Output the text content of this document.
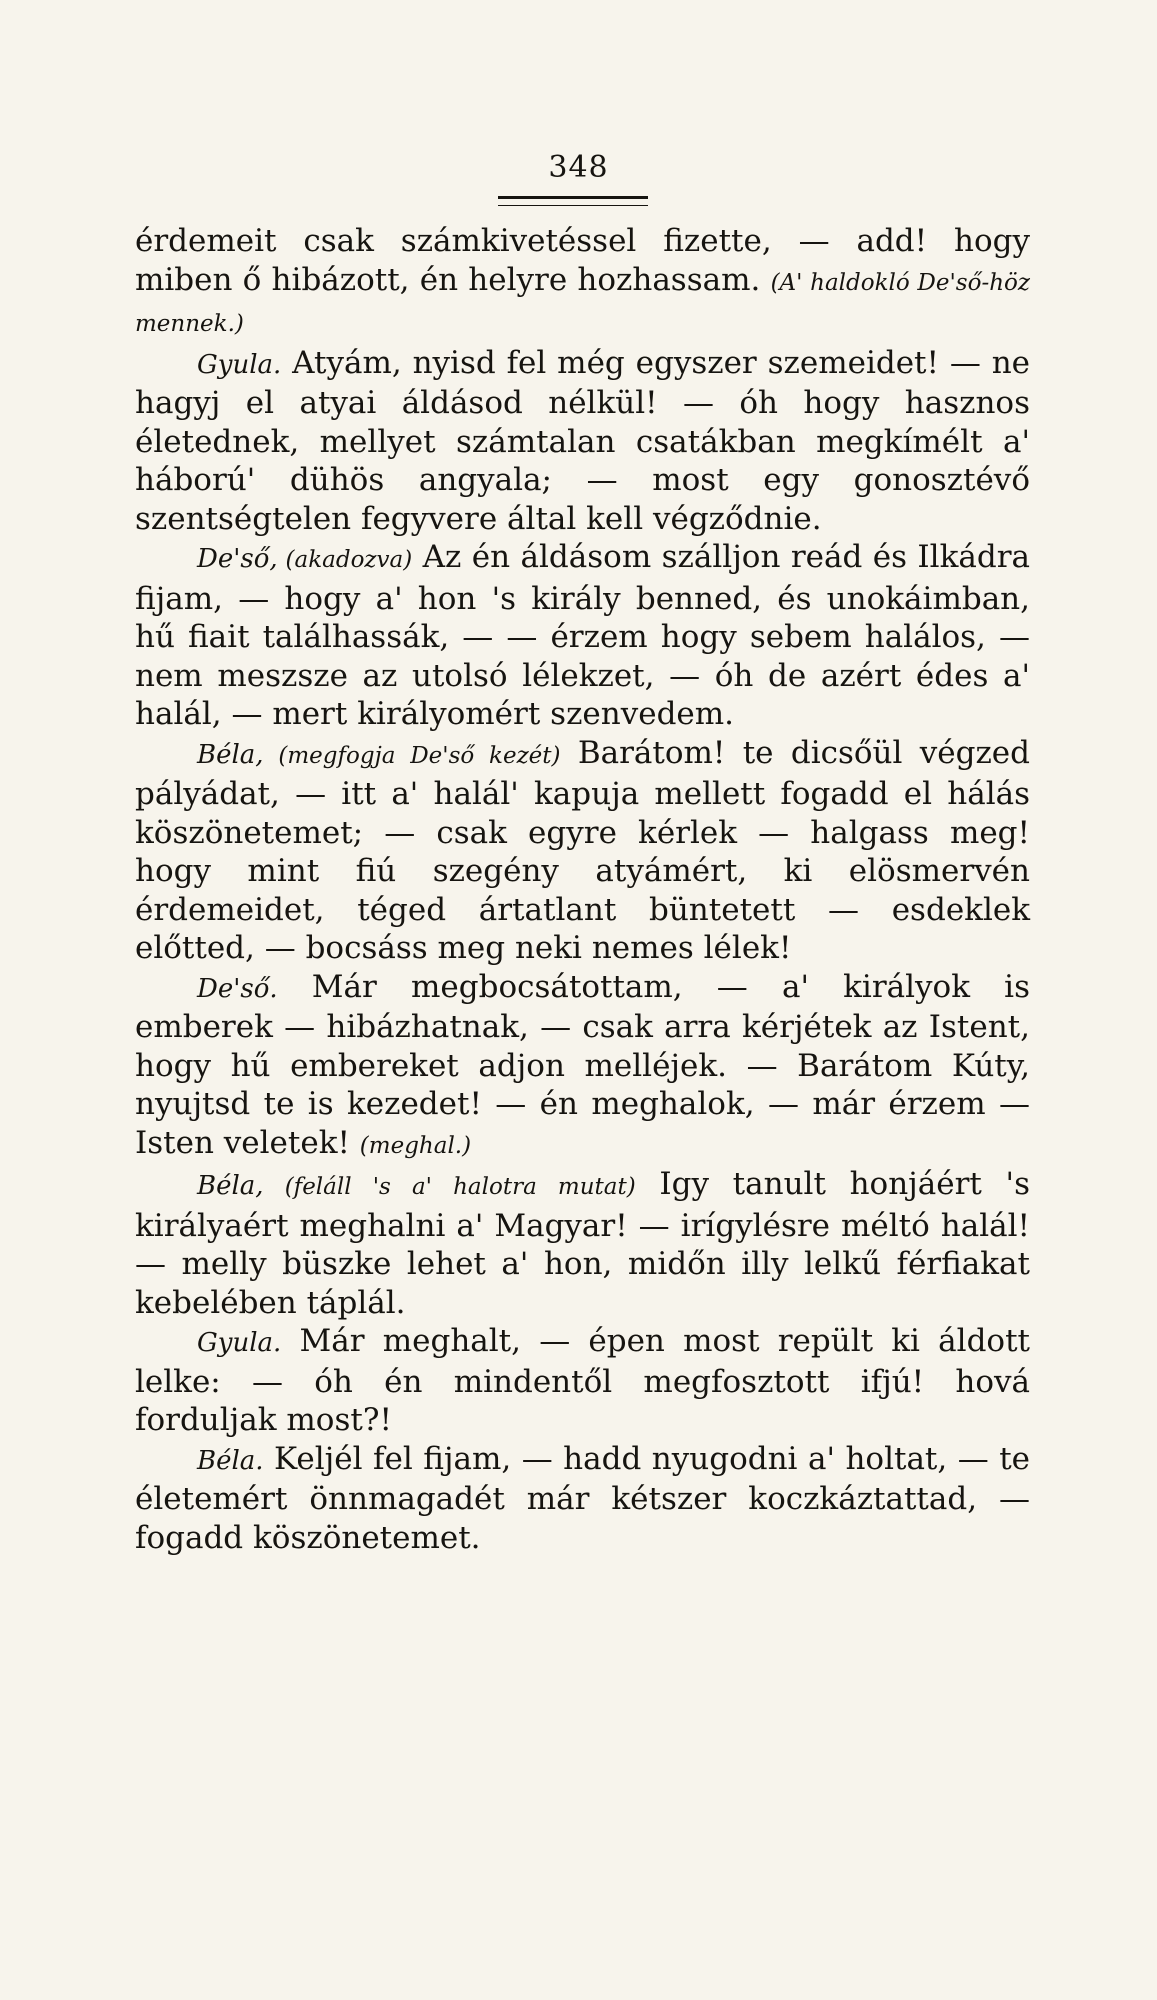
348

érdemeit csak számkivetéssel fizette, — add! hogy miben ő hibázott, én helyre hozhassam. (A' haldokló De'ső-höz mennek.)

Gyula. Atyám, nyisd fel még egyszer szemeidet! — ne hagyj el atyai áldásod nélkül! — óh hogy hasznos életednek, mellyet számtalan csatákban megkímélt a' háború' dühös angyala; — most egy gonosztévő szentségtelen fegyvere által kell végződnie.

De'ső, (akadozva) Az én áldásom szálljon reád és Ilkádra fijam, — hogy a' hon 's király benned, és unokáimban, hű fiait találhassák, — — érzem hogy sebem halálos, — nem meszsze az utolsó lélekzet, — óh de azért édes a' halál, — mert királyomért szenvedem.

Béla, (megfogja De'ső kezét) Barátom! te dicsőül végzed pályádat, — itt a' halál' kapuja mellett fogadd el hálás köszönetemet; — csak egyre kérlek — halgass meg! hogy mint fiú szegény atyámért, ki elösmervén érdemeidet, téged ártatlant büntetett — esdeklek előtted, — bocsáss meg neki nemes lélek!

De'ső. Már megbocsátottam, — a' királyok is emberek — hibázhatnak, — csak arra kérjétek az Istent, hogy hű embereket adjon melléjek. — Barátom Kúty, nyujtsd te is kezedet! — én meghalok, — már érzem — Isten veletek! (meghal.)

Béla, (feláll 's a' halotra mutat) Igy tanult honjáért 's királyaért meghalni a' Magyar! — irígylésre méltó halál! — melly büszke lehet a' hon, midőn illy lelkű férfiakat kebelében táplál.

Gyula. Már meghalt, — épen most repült ki áldott lelke: — óh én mindentől megfosztott ifjú! hová forduljak most?!

Béla. Keljél fel fijam, — hadd nyugodni a' holtat, — te életemért önnmagadét már kétszer koczkáztattad, — fogadd köszönetemet.
